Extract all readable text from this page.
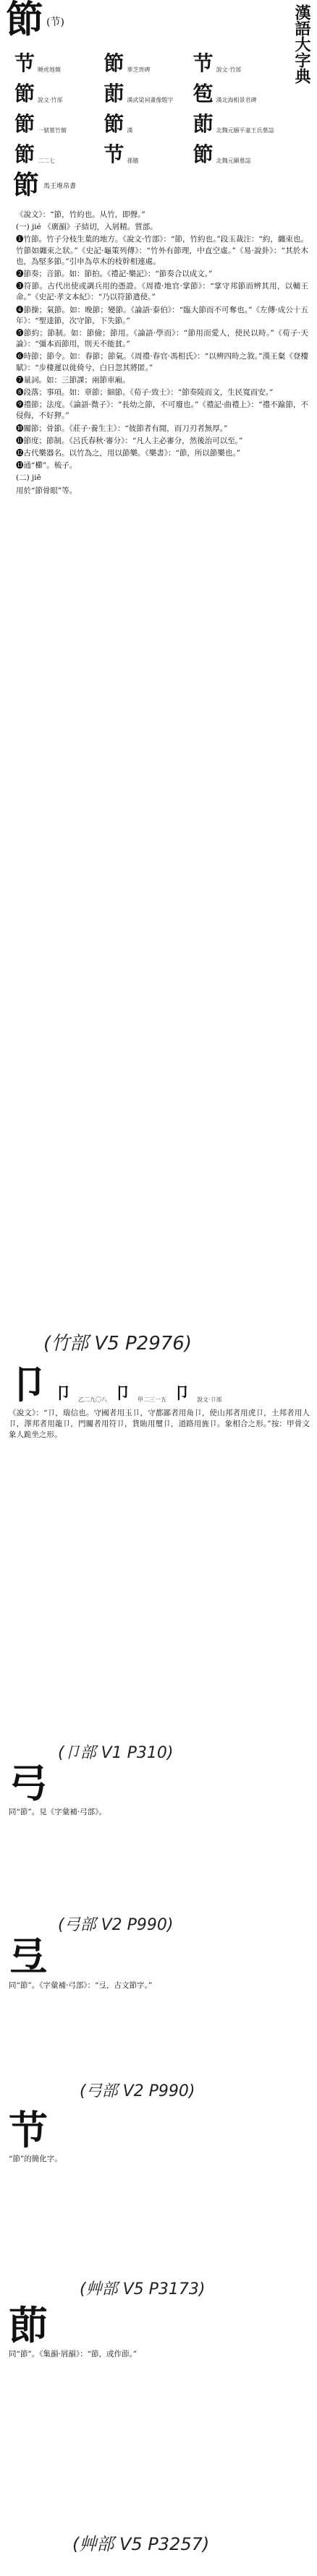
節 (节)	漢語大字典
节 睡虎地簡 節 華芝齊碑 节 說文·竹部
節 說文·竹部 莭 漢武梁祠畫像題字 笣 漢北海相景君碑
節 一號墓竹簡 節 漢	莭 北魏元願平妻王氏墓誌
節 二二七 节 孫臏	節 北魏元顯墓誌
節 馬王堆帛書

《說文》：“節，竹約也。从竹，即聲。”

(一) jié 《廣韻》子結切，入屑精。質部。

❶竹節。竹子分枝生葉的地方。《說文·竹部》：“節，竹約也。”段玉裁注：“約，纏束也。竹節如纏束之狀。”《史記·龜策列傳》：“竹外有節理，中直空虛。”《易·說卦》：“其於木也，為堅多節。”引申為草木的枝幹相連處。

❷節奏；音節。如：節拍。《禮記·樂記》：“節奏合以成文。”

❸符節。古代出使或調兵用的憑證。《周禮·地官·掌節》：“掌守邦節而辨其用，以輔王命。”《史記·孝文本紀》：“乃以符節遣使。”

❹節操；氣節。如：晚節；變節。《論語·泰伯》：“臨大節而不可奪也。”《左傳·成公十五年》：“聖達節，次守節，下失節。”

❺節約；節制。如：節儉；節用。《論語·學而》：“節用而愛人，使民以時。”《荀子·天論》：“彊本而節用，則天不能貧。”

❻時節；節令。如：春節；節氣。《周禮·春官·馮相氏》：“以辨四時之敘。”漢王粲《登樓賦》：“步棲遲以徙倚兮，白日忽其將匿。”

❼量詞。如：三節課；兩節車廂。

❽段落；事項。如：章節；細節。《荀子·致士》：“節奏陵而文，生民寬而安。”

❾禮節；法度。《論語·微子》：“長幼之節，不可廢也。”《禮記·曲禮上》：“禮不踰節，不侵侮，不好狎。”

❿關節；骨節。《莊子·養生主》：“彼節者有閒，而刀刃者無厚。”

⓫節度；節制。《呂氏春秋·審分》：“凡人主必審分，然後治可以至。”

⓬古代樂器名。以竹為之，用以節樂。《樂書》：“節，所以節樂也。”

⓭通“櫛”。梳子。

(二) jiē

用於“節骨眼”等。

(竹部 V5 P2976)
卩 卩 乙二九〇八 卩 甲二三一五 卩 說文·卩部
《說文》：“卩，瑞信也。守國者用玉卩，守都鄙者用角卩，使山邦者用虎卩，土邦者用人卩，澤邦者用龍卩，門關者用符卩，貨賄用璽卩，道路用旌卩。象相合之形。”按：甲骨文象人跪坐之形。
(卩部 V1 P310)
弓
同“節”。見《字彙補·弓部》。
(弓部 V2 P990)
弖
同“節”。《字彙補·弓部》：“弖，古文節字。”
(弓部 V2 P990)
节
“節”的簡化字。
(艸部 V5 P3173)
莭
同“節”。《集韻·屑韻》：“節，或作莭。”
(艸部 V5 P3257)
